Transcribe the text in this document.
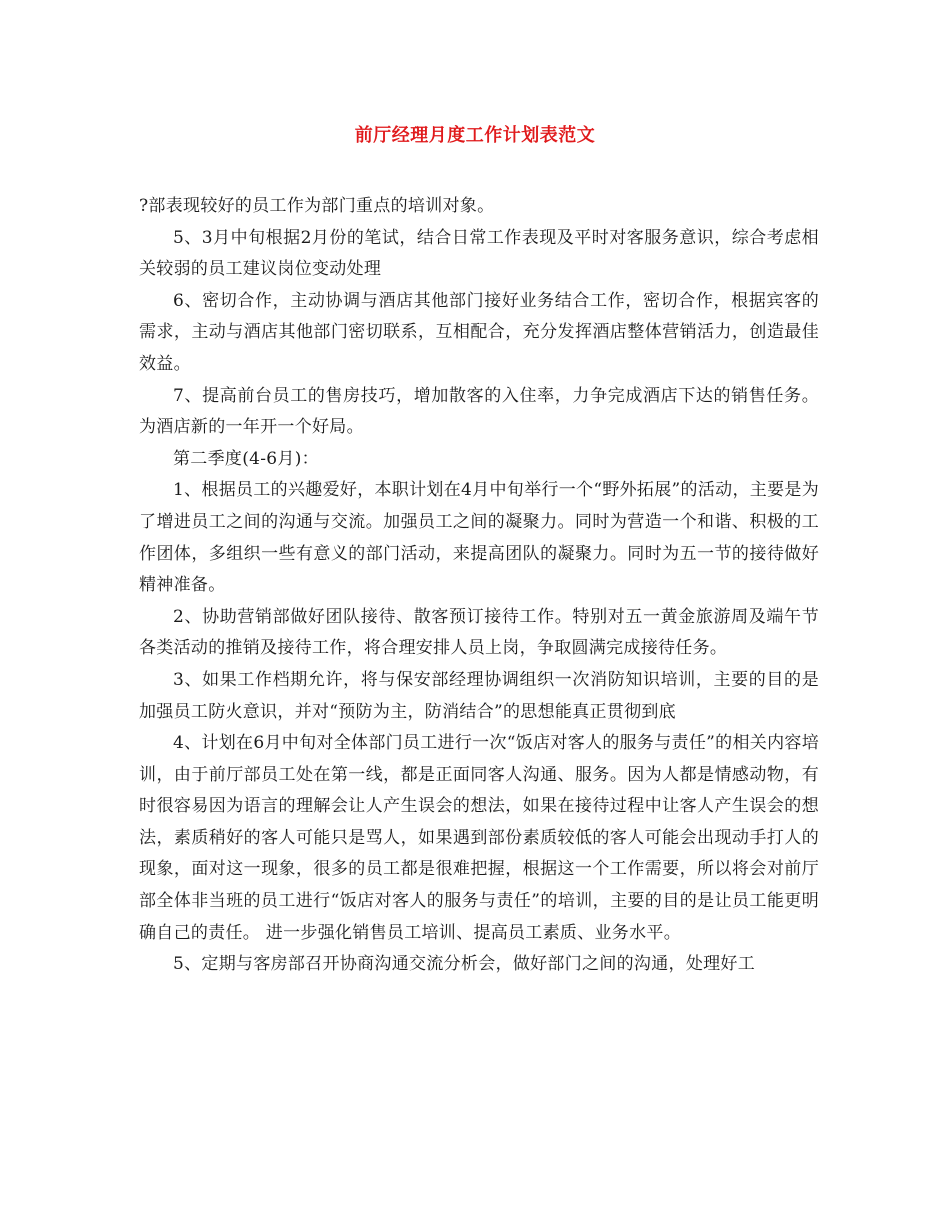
前厅经理月度工作计划表范文

?部表现较好的员工作为部门重点的培训对象。

5、3月中旬根据2月份的笔试，结合日常工作表现及平时对客服务意识，综合考虑相关较弱的员工建议岗位变动处理

6、密切合作，主动协调与酒店其他部门接好业务结合工作，密切合作，根据宾客的需求，主动与酒店其他部门密切联系，互相配合，充分发挥酒店整体营销活力，创造最佳效益。

7、提高前台员工的售房技巧，增加散客的入住率，力争完成酒店下达的销售任务。为酒店新的一年开一个好局。

第二季度(4-6月)：

1、根据员工的兴趣爱好，本职计划在4月中旬举行一个“野外拓展”的活动，主要是为了增进员工之间的沟通与交流。加强员工之间的凝聚力。同时为营造一个和谐、积极的工作团体，多组织一些有意义的部门活动，来提高团队的凝聚力。同时为五一节的接待做好精神准备。

2、协助营销部做好团队接待、散客预订接待工作。特别对五一黄金旅游周及端午节各类活动的推销及接待工作，将合理安排人员上岗，争取圆满完成接待任务。

3、如果工作档期允许，将与保安部经理协调组织一次消防知识培训，主要的目的是加强员工防火意识，并对“预防为主，防消结合”的思想能真正贯彻到底

4、计划在6月中旬对全体部门员工进行一次“饭店对客人的服务与责任”的相关内容培训，由于前厅部员工处在第一线，都是正面同客人沟通、服务。因为人都是情感动物，有时很容易因为语言的理解会让人产生误会的想法，如果在接待过程中让客人产生误会的想法，素质稍好的客人可能只是骂人，如果遇到部份素质较低的客人可能会出现动手打人的现象，面对这一现象，很多的员工都是很难把握，根据这一个工作需要，所以将会对前厅部全体非当班的员工进行“饭店对客人的服务与责任”的培训，主要的目的是让员工能更明确自己的责任。 进一步强化销售员工培训、提高员工素质、业务水平。

5、定期与客房部召开协商沟通交流分析会，做好部门之间的沟通，处理好工
